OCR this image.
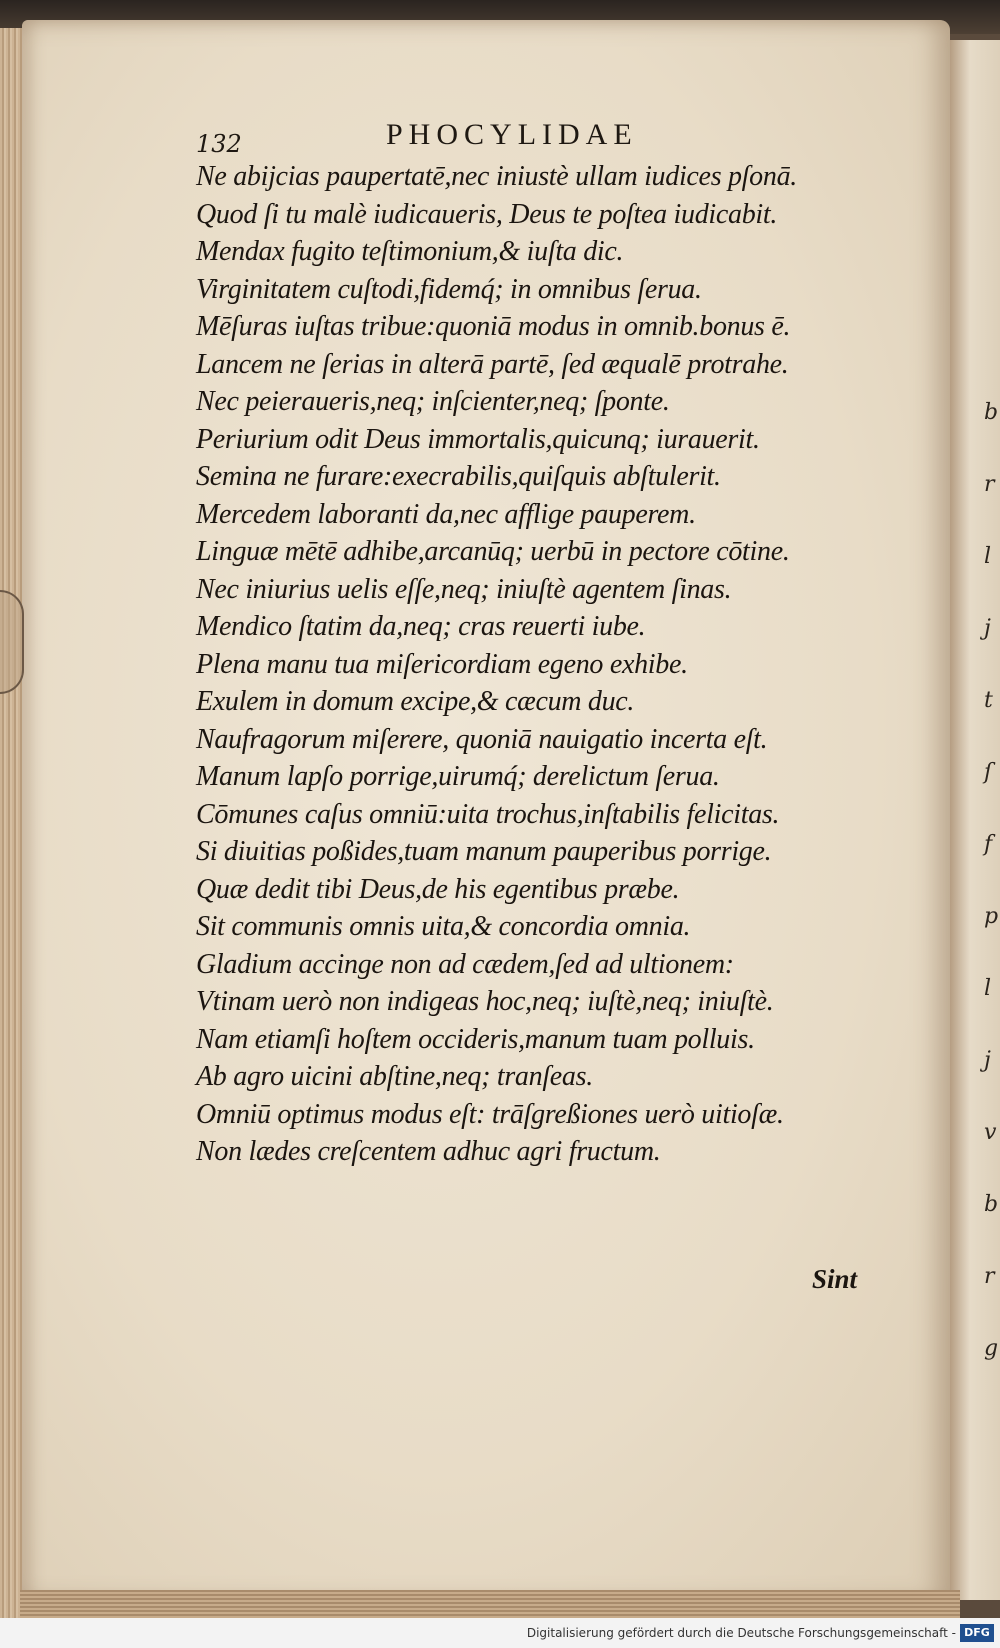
b
r
l
j
t
ſ
f
p
l
j
v
b
r
g
132	PHOCYLIDAE
Ne abijcias paupertatē,nec iniustè ullam iudices pſonā.
Quod ſi tu malè iudicaueris, Deus te poſtea iudicabit.
Mendax fugito teſtimonium,& iuſta dic.
Virginitatem cuſtodi,fidemq́; in omnibus ſerua.
Mēſuras iuſtas tribue:quoniā modus in omnib.bonus ē.
Lancem ne ſerias in alterā partē, ſed æqualē protrahe.
Nec peieraueris,neq; inſcienter,neq; ſponte.
Periurium odit Deus immortalis,quicunq; iurauerit.
Semina ne furare:execrabilis,quiſquis abſtulerit.
Mercedem laboranti da,nec afflige pauperem.
Linguæ mētē adhibe,arcanūq; uerbū in pectore cōtine.
Nec iniurius uelis eſſe,neq; iniuſtè agentem ſinas.
Mendico ſtatim da,neq; cras reuerti iube.
Plena manu tua miſericordiam egeno exhibe.
Exulem in domum excipe,& cæcum duc.
Naufragorum miſerere, quoniā nauigatio incerta eſt.
Manum lapſo porrige,uirumq́; derelictum ſerua.
Cōmunes caſus omniū:uita trochus,inſtabilis felicitas.
Si diuitias poßides,tuam manum pauperibus porrige.
Quæ dedit tibi Deus,de his egentibus præbe.
Sit communis omnis uita,& concordia omnia.
Gladium accinge non ad cædem,ſed ad ultionem:
Vtinam uerò non indigeas hoc,neq; iuſtè,neq; iniuſtè.
Nam etiamſi hoſtem occideris,manum tuam polluis.
Ab agro uicini abſtine,neq; tranſeas.
Omniū optimus modus eſt: trāſgreßiones uerò uitioſæ.
Non lædes creſcentem adhuc agri fructum.
Sint
Digitalisierung gefördert durch die Deutsche Forschungsgemeinschaft - DFG
